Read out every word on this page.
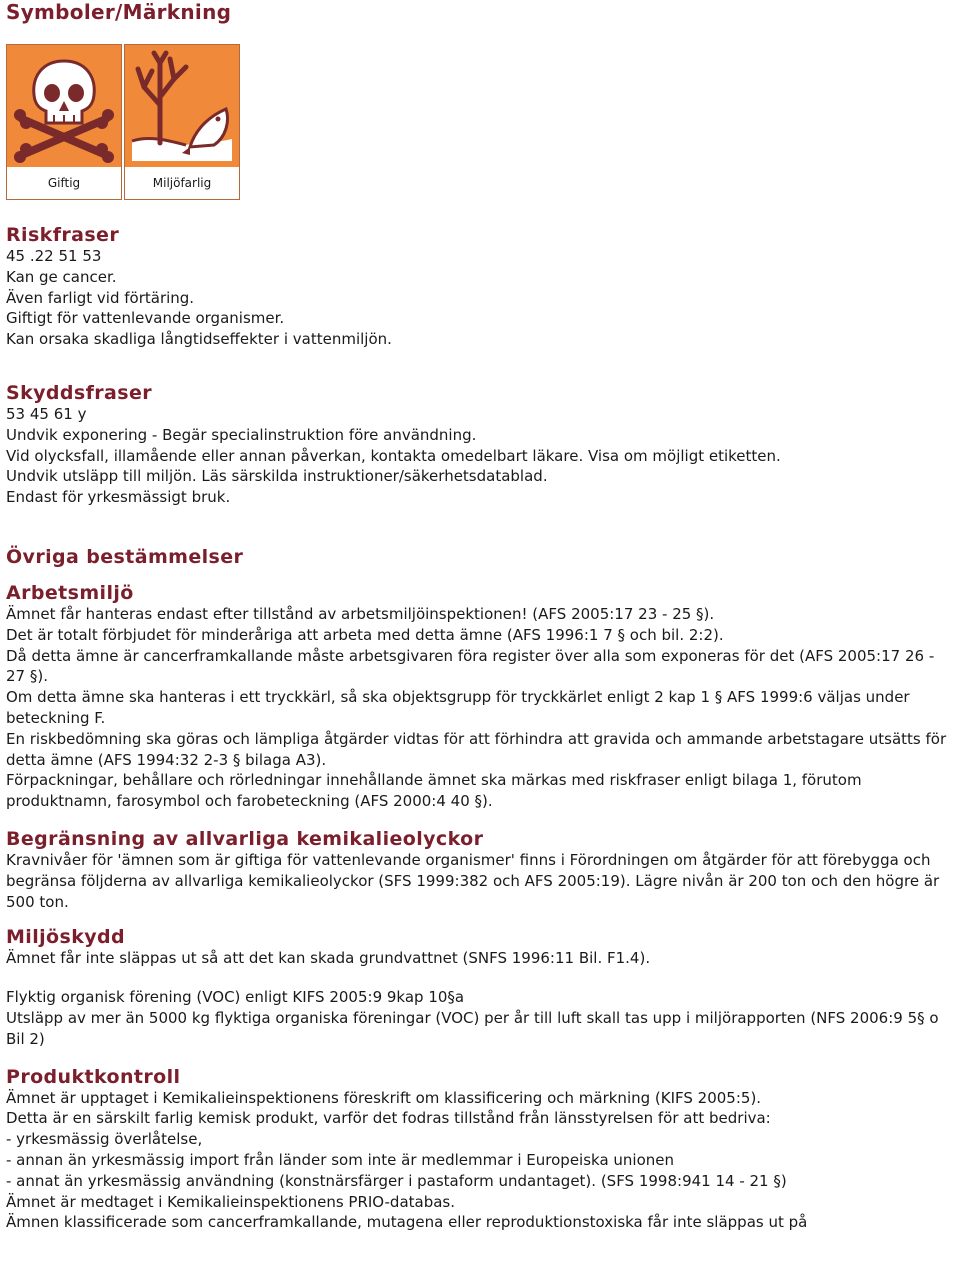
Symboler/Märkning
Giftig	Miljöfarlig
Riskfraser

45 .22 51 53

Kan ge cancer.

Även farligt vid förtäring.

Giftigt för vattenlevande organismer.

Kan orsaka skadliga långtidseffekter i vattenmiljön.

Skyddsfraser

53 45 61 y

Undvik exponering - Begär specialinstruktion före användning.

Vid olycksfall, illamående eller annan påverkan, kontakta omedelbart läkare. Visa om möjligt etiketten.

Undvik utsläpp till miljön. Läs särskilda instruktioner/säkerhetsdatablad.

Endast för yrkesmässigt bruk.

Övriga bestämmelser
Arbetsmiljö

Ämnet får hanteras endast efter tillstånd av arbetsmiljöinspektionen! (AFS 2005:17 23 - 25 §).

Det är totalt förbjudet för minderåriga att arbeta med detta ämne (AFS 1996:1 7 § och bil. 2:2).

Då detta ämne är cancerframkallande måste arbetsgivaren föra register över alla som exponeras för det (AFS 2005:17 26 - 27 §).

Om detta ämne ska hanteras i ett tryckkärl, så ska objektsgrupp för tryckkärlet enligt 2 kap 1 § AFS 1999:6 väljas under beteckning F.

En riskbedömning ska göras och lämpliga åtgärder vidtas för att förhindra att gravida och ammande arbetstagare utsätts för detta ämne (AFS 1994:32 2-3 § bilaga A3).

Förpackningar, behållare och rörledningar innehållande ämnet ska märkas med riskfraser enligt bilaga 1, förutom produktnamn, farosymbol och farobeteckning (AFS 2000:4 40 §).

Begränsning av allvarliga kemikalieolyckor

Kravnivåer för 'ämnen som är giftiga för vattenlevande organismer' finns i Förordningen om åtgärder för att förebygga och begränsa följderna av allvarliga kemikalieolyckor (SFS 1999:382 och AFS 2005:19). Lägre nivån är 200 ton och den högre är 500 ton.

Miljöskydd

Ämnet får inte släppas ut så att det kan skada grundvattnet (SNFS 1996:11 Bil. F1.4).

Flyktig organisk förening (VOC) enligt KIFS 2005:9 9kap 10§a

Utsläpp av mer än 5000 kg flyktiga organiska föreningar (VOC) per år till luft skall tas upp i miljörapporten (NFS 2006:9 5§ o Bil 2)

Produktkontroll

Ämnet är upptaget i Kemikalieinspektionens föreskrift om klassificering och märkning (KIFS 2005:5).

Detta är en särskilt farlig kemisk produkt, varför det fodras tillstånd från länsstyrelsen för att bedriva:

- yrkesmässig överlåtelse,

- annan än yrkesmässig import från länder som inte är medlemmar i Europeiska unionen

- annat än yrkesmässig användning (konstnärsfärger i pastaform undantaget). (SFS 1998:941 14 - 21 §)

Ämnet är medtaget i Kemikalieinspektionens PRIO-databas.

Ämnen klassificerade som cancerframkallande, mutagena eller reproduktionstoxiska får inte släppas ut på
